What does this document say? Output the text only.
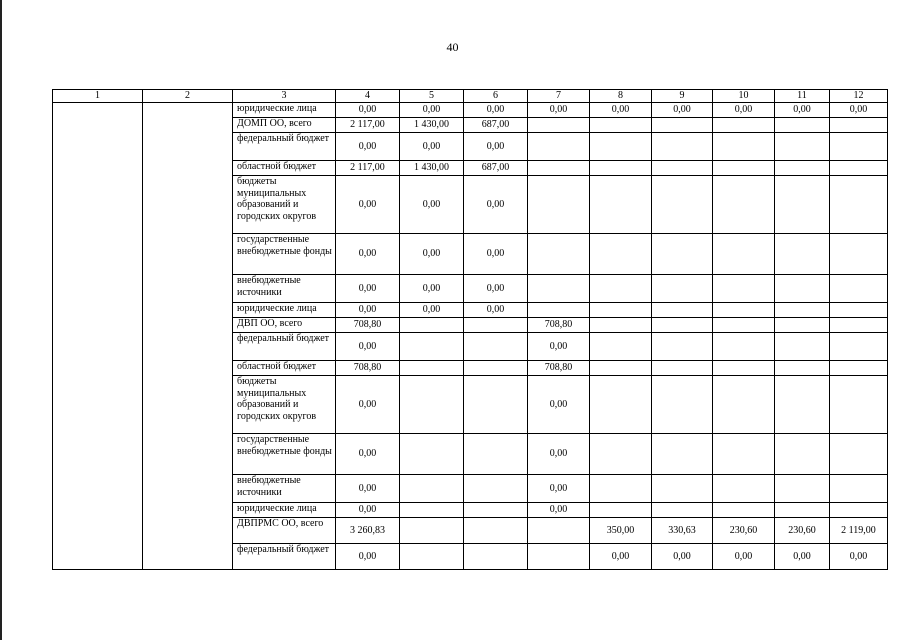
40
1	2	3	4	5	6	7	8	9	10	11	12
		юридические лица	0,00	0,00	0,00	0,00	0,00	0,00	0,00	0,00	0,00
		ДОМП ОО, всего	2 117,00	1 430,00	687,00						
		федеральный бюджет	0,00	0,00	0,00						
		областной бюджет	2 117,00	1 430,00	687,00						
		бюджеты муниципальных образований и городских округов	0,00	0,00	0,00						
		государственные внебюджетные фонды	0,00	0,00	0,00						
		внебюджетные источники	0,00	0,00	0,00						
		юридические лица	0,00	0,00	0,00						
		ДВП ОО, всего	708,80			708,80					
		федеральный бюджет	0,00			0,00					
		областной бюджет	708,80			708,80					
		бюджеты муниципальных образований и городских округов	0,00			0,00					
		государственные внебюджетные фонды	0,00			0,00					
		внебюджетные источники	0,00			0,00					
		юридические лица	0,00			0,00					
		ДВПРМС ОО, всего	3 260,83				350,00	330,63	230,60	230,60	2 119,00
		федеральный бюджет	0,00				0,00	0,00	0,00	0,00	0,00
